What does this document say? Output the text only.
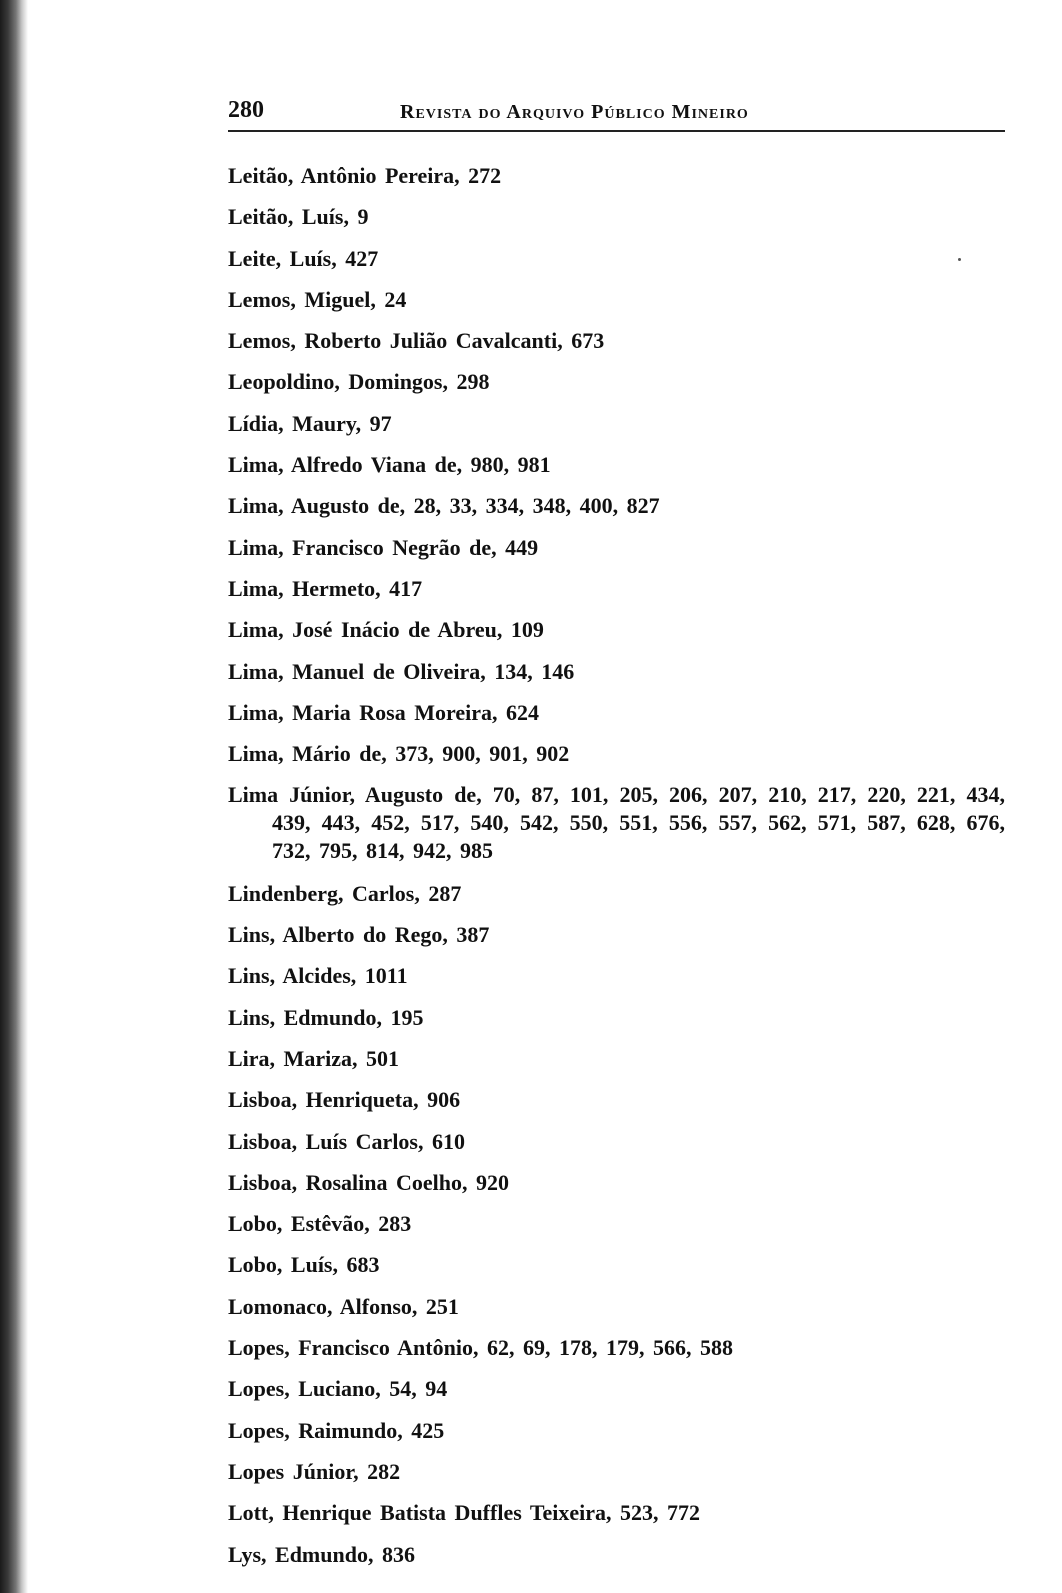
280	Revista do Arquivo Público Mineiro
Leitão, Antônio Pereira, 272
Leitão, Luís, 9
Leite, Luís, 427
Lemos, Miguel, 24
Lemos, Roberto Julião Cavalcanti, 673
Leopoldino, Domingos, 298
Lídia, Maury, 97
Lima, Alfredo Viana de, 980, 981
Lima, Augusto de, 28, 33, 334, 348, 400, 827
Lima, Francisco Negrão de, 449
Lima, Hermeto, 417
Lima, José Inácio de Abreu, 109
Lima, Manuel de Oliveira, 134, 146
Lima, Maria Rosa Moreira, 624
Lima, Mário de, 373, 900, 901, 902
Lima Júnior, Augusto de, 70, 87, 101, 205, 206, 207, 210, 217, 220, 221, 434, 439, 443, 452, 517, 540, 542, 550, 551, 556, 557, 562, 571, 587, 628, 676, 732, 795, 814, 942, 985
Lindenberg, Carlos, 287
Lins, Alberto do Rego, 387
Lins, Alcides, 1011
Lins, Edmundo, 195
Lira, Mariza, 501
Lisboa, Henriqueta, 906
Lisboa, Luís Carlos, 610
Lisboa, Rosalina Coelho, 920
Lobo, Estêvão, 283
Lobo, Luís, 683
Lomonaco, Alfonso, 251
Lopes, Francisco Antônio, 62, 69, 178, 179, 566, 588
Lopes, Luciano, 54, 94
Lopes, Raimundo, 425
Lopes Júnior, 282
Lott, Henrique Batista Duffles Teixeira, 523, 772
Lys, Edmundo, 836
